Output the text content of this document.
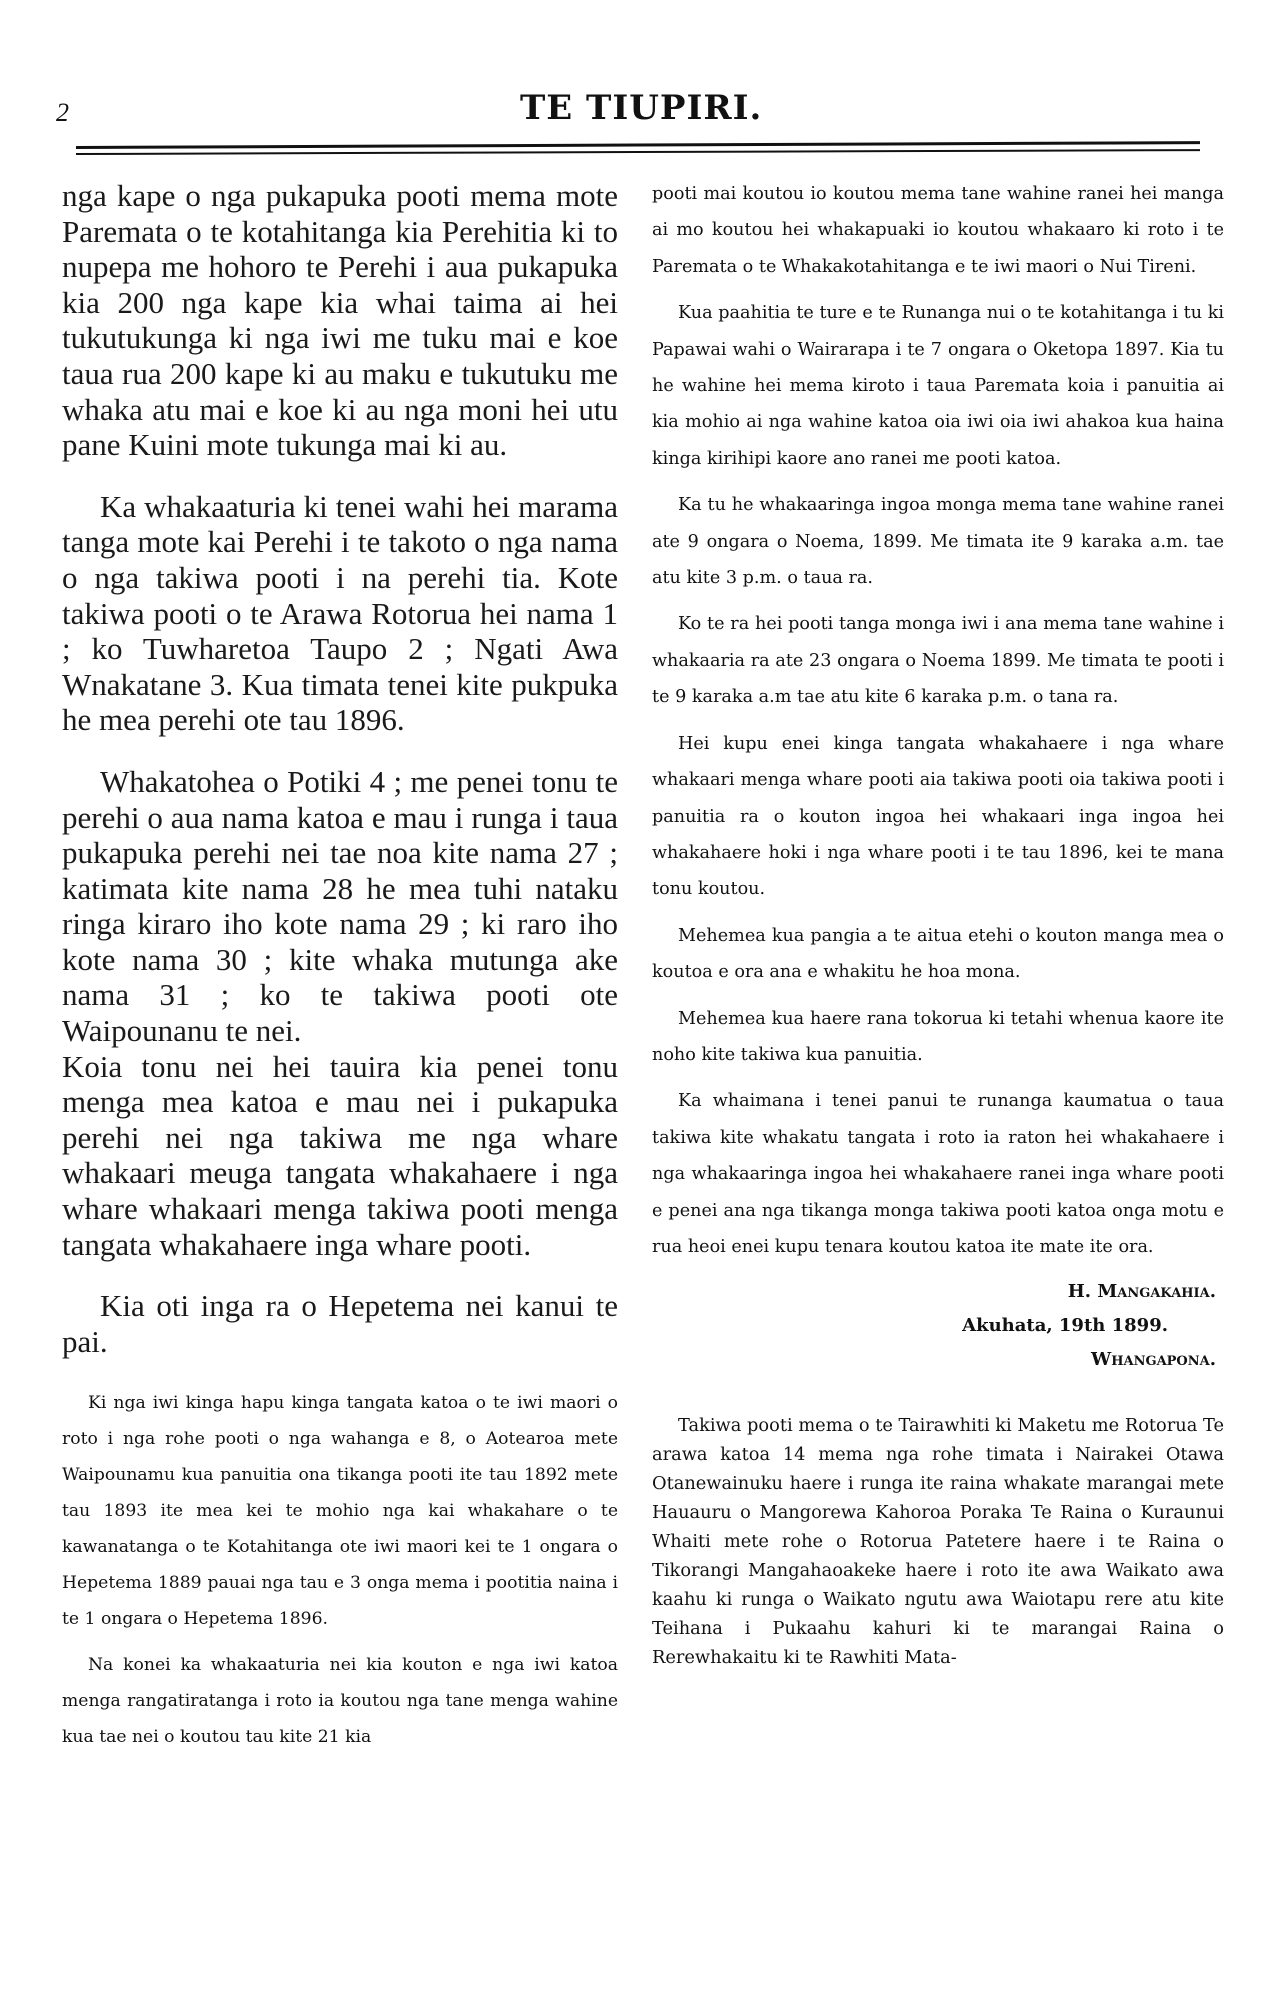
2	TE TIUPIRI.

nga kape o nga pukapuka pooti mema mote Paremata o te kotahitanga kia Perehitia ki to nupepa me hohoro te Perehi i aua pukapuka kia 200 nga kape kia whai taima ai hei tukutukunga ki nga iwi me tuku mai e koe taua rua 200 kape ki au maku e tukutuku me whaka atu mai e koe ki au nga moni hei utu pane Kuini mote tukunga mai ki au.

Ka whakaaturia ki tenei wahi hei marama tanga mote kai Perehi i te takoto o nga nama o nga takiwa pooti i na perehi tia. Kote takiwa pooti o te Arawa Rotorua hei nama 1 ; ko Tuwharetoa Taupo 2 ; Ngati Awa Wnakatane 3. Kua timata tenei kite pukpuka he mea perehi ote tau 1896.

Whakatohea o Potiki 4 ; me penei tonu te perehi o aua nama katoa e mau i runga i taua pukapuka perehi nei tae noa kite nama 27 ; katimata kite nama 28 he mea tuhi nataku ringa kiraro iho kote nama 29 ; ki raro iho kote nama 30 ; kite whaka mutunga ake nama 31 ; ko te takiwa pooti ote Waipounanu te nei.

Koia tonu nei hei tauira kia penei tonu menga mea katoa e mau nei i pukapuka perehi nei nga takiwa me nga whare whakaari meuga tangata whakahaere i nga whare whakaari menga takiwa pooti menga tangata whakahaere inga whare pooti.

Kia oti inga ra o Hepetema nei kanui te pai.

Ki nga iwi kinga hapu kinga tangata katoa o te iwi maori o roto i nga rohe pooti o nga wahanga e 8, o Aotearoa mete Waipounamu kua panuitia ona tikanga pooti ite tau 1892 mete tau 1893 ite mea kei te mohio nga kai whakahare o te kawanatanga o te Kotahitanga ote iwi maori kei te 1 ongara o Hepetema 1889 pauai nga tau e 3 onga mema i pootitia naina i te 1 ongara o Hepetema 1896.

Na konei ka whakaaturia nei kia kouton e nga iwi katoa menga rangatiratanga i roto ia koutou nga tane menga wahine kua tae nei o koutou tau kite 21 kia

pooti mai koutou io koutou mema tane wahine ranei hei manga ai mo koutou hei whakapuaki io koutou whakaaro ki roto i te Paremata o te Whakakotahitanga e te iwi maori o Nui Tireni.

Kua paahitia te ture e te Runanga nui o te kotahitanga i tu ki Papawai wahi o Wairarapa i te 7 ongara o Oketopa 1897. Kia tu he wahine hei mema kiroto i taua Paremata koia i panuitia ai kia mohio ai nga wahine katoa oia iwi oia iwi ahakoa kua haina kinga kirihipi kaore ano ranei me pooti katoa.

Ka tu he whakaaringa ingoa monga mema tane wahine ranei ate 9 ongara o Noema, 1899. Me timata ite 9 karaka a.m. tae atu kite 3 p.m. o taua ra.

Ko te ra hei pooti tanga monga iwi i ana mema tane wahine i whakaaria ra ate 23 ongara o Noema 1899. Me timata te pooti i te 9 karaka a.m tae atu kite 6 karaka p.m. o tana ra.

Hei kupu enei kinga tangata whakahaere i nga whare whakaari menga whare pooti aia takiwa pooti oia takiwa pooti i panuitia ra o kouton ingoa hei whakaari inga ingoa hei whakahaere hoki i nga whare pooti i te tau 1896, kei te mana tonu koutou.

Mehemea kua pangia a te aitua etehi o kouton manga mea o koutoa e ora ana e whakitu he hoa mona.

Mehemea kua haere rana tokorua ki tetahi whenua kaore ite noho kite takiwa kua panuitia.

Ka whaimana i tenei panui te runanga kaumatua o taua takiwa kite whakatu tangata i roto ia raton hei whakahaere i nga whakaaringa ingoa hei whakahaere ranei inga whare pooti e penei ana nga tikanga monga takiwa pooti katoa onga motu e rua heoi enei kupu tenara koutou katoa ite mate ite ora.

H. Mangakahia.
Akuhata, 19th 1899.
Whangapona.

Takiwa pooti mema o te Tairawhiti ki Maketu me Rotorua Te arawa katoa 14 mema nga rohe timata i Nairakei Otawa Otanewainuku haere i runga ite raina whakate marangai mete Hauauru o Mangorewa Kahoroa Poraka Te Raina o Kuraunui Whaiti mete rohe o Rotorua Patetere haere i te Raina o Tikorangi Mangahaoakeke haere i roto ite awa Waikato awa kaahu ki runga o Waikato ngutu awa Waiotapu rere atu kite Teihana i Pukaahu kahuri ki te marangai Raina o Rerewhakaitu ki te Rawhiti Mata-
